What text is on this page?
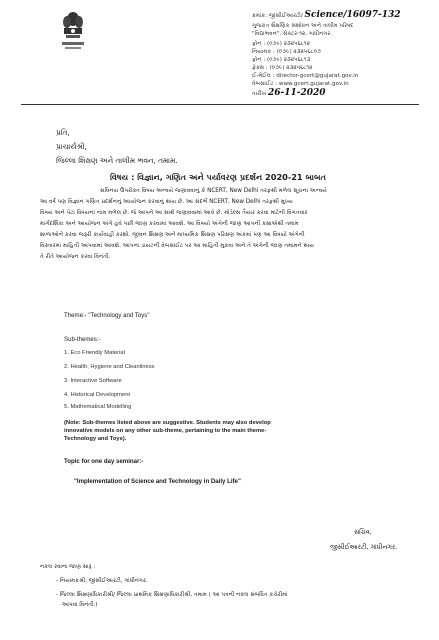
ક્રમાંક: જીસીઈઆરટી/ Science/16097-132
ગુજરાત શૈક્ષણિક સંશોધન અને તાલીમ પરિષદ
"વિદ્યાભવન", સેક્ટર-૧૨, ગાંધીનગર.
ફોન : (૦૭૯) ૨૩૨૫૬૮૧૨
નિયામક : (૦૭૯) ૨૩૨૫૬૮૦૭
ફોન : (૦૭૯) ૨૩૨૫૬૮૧૩
ફેક્સ : (૦૭૯) ૨૩૨૫૬૮૧૨
ઈ-મેઈલ : director-gcert@gujarat.gov.in
વેબસાઈટ : www.gcert.gujarat.gov.in
તારીખ 26-11-2020
પ્રતિ,
પ્રાચાર્યશ્રી,
જિલ્લા શિક્ષણ અને તાલીમ ભવન, તમામ.
વિષય : વિજ્ઞાન, ગણિત અને પર્યાવરણ પ્રદર્શન 2020-21 બાબત
સવિનય ઉપરોક્ત વિષય અન્વયે જણાવવાનું કે NCERT, New Delhi તરફથી મળેલ સૂચના અન્વયે
આ વર્ષ પણ વિજ્ઞાન ગણિત પ્રદર્શનનું આયોજન કરવાનું થાય છે. આ સંદર્ભે NCERT, New Delhi તરફથી મુખ્ય
વિષય અને પેટા વિષયના નામ મળેલ છે. જે આપને આ સાથે જણાવવામાં આવે છે. મોડેલ્સ તૈયાર કરવા માટેની વિગતવાર
માર્ગદર્શિકા અને આયોજન અંગે હવે પછી જાણ કરવામાં આવશે. આ વિષયો અંગેની જાણ આપની કક્ષાએથી તમામ
શાળાઓને કરવા જરૂરી કાર્યવાહી કરશો. જીવન શિક્ષણ અને માધ્યમિક શિક્ષણ પરિક્ષણ અંકમાં પણ આ વિષયો અંગેની
વિસ્તારમાં માહિતી આપવામાં આવશે. આપના ડાયટની વેબસાઈટ પર આ માહિતી મુકવા અને તે અંગેની જાણ તમામને થાય
તે રીતે આયોજન કરવા વિનંતી.
Theme:- "Technology and Toys"
Sub-themes:-
1. Eco Friendly Material
2. Health, Hygiene and Cleanliness
3. Interactive Software
4. Historical Development
5. Mathematical Modelling
(Note: Sub-themes listed above are suggestive. Students may also develop
innovative models on any other sub-theme, pertaining to the main theme-
Technology and Toys).
Topic for one day seminar:-
"Implementation of Science and Technology in Daily Life"
સચિવ,
જીસીઈઆરટી, ગાંધીનગર.
નકલ રવાના જાણ સારૂ :
- નિયામકશ્રી, જીસીઈઆરટી, ગાંધીનગર.
- જિલ્લા શિક્ષણાધિકારીશ્રી/ જિલ્લા પ્રાથમિક શિક્ષણાધિકારીશ્રી, તમામ ( આ પત્રની નકલ સંબંધિત કચેરીમાં
આપવા વિનંતી.)
